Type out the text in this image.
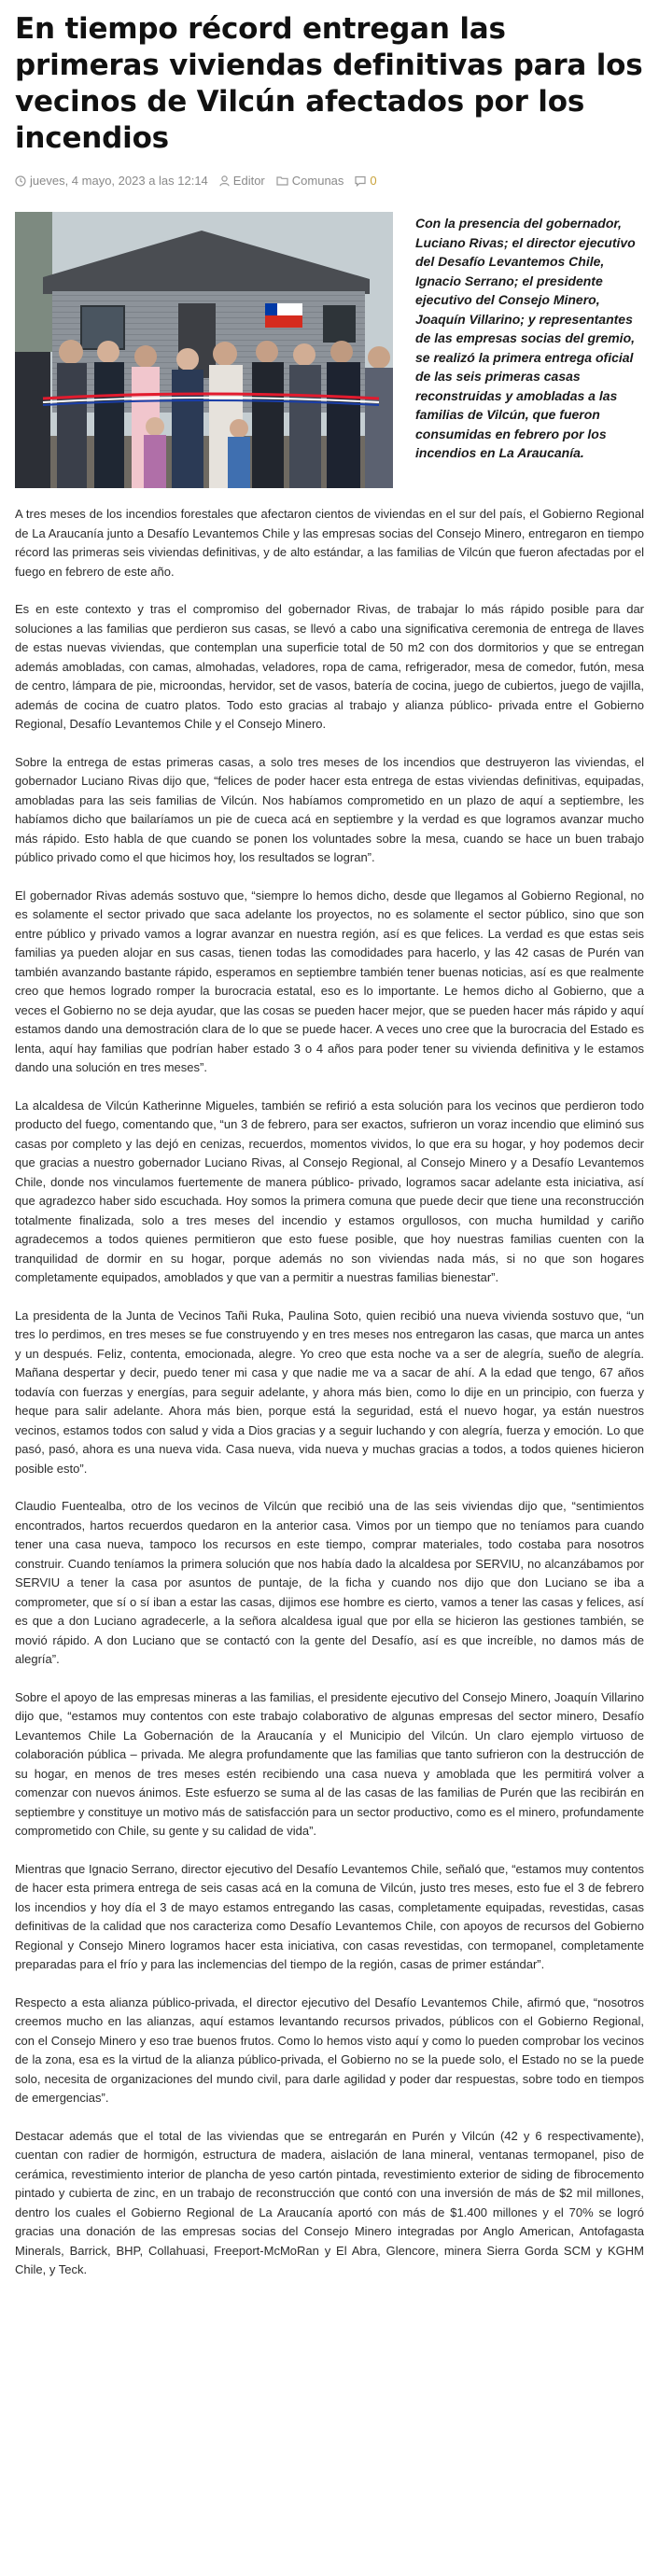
En tiempo récord entregan las primeras viviendas definitivas para los vecinos de Vilcún afectados por los incendios
jueves, 4 mayo, 2023 a las 12:14 Editor Comunas 0

Con la presencia del gobernador, Luciano Rivas; el director ejecutivo del Desafío Levantemos Chile, Ignacio Serrano; el presidente ejecutivo del Consejo Minero, Joaquín Villarino; y representantes de las empresas socias del gremio, se realizó la primera entrega oficial de las seis primeras casas reconstruidas y amobladas a las familias de Vilcún, que fueron consumidas en febrero por los incendios en La Araucanía.

A tres meses de los incendios forestales que afectaron cientos de viviendas en el sur del país, el Gobierno Regional de La Araucanía junto a Desafío Levantemos Chile y las empresas socias del Consejo Minero, entregaron en tiempo récord las primeras seis viviendas definitivas, y de alto estándar, a las familias de Vilcún que fueron afectadas por el fuego en febrero de este año.

Es en este contexto y tras el compromiso del gobernador Rivas, de trabajar lo más rápido posible para dar soluciones a las familias que perdieron sus casas, se llevó a cabo una significativa ceremonia de entrega de llaves de estas nuevas viviendas, que contemplan una superficie total de 50 m2 con dos dormitorios y que se entregan además amobladas, con camas, almohadas, veladores, ropa de cama, refrigerador, mesa de comedor, futón, mesa de centro, lámpara de pie, microondas, hervidor, set de vasos, batería de cocina, juego de cubiertos, juego de vajilla, además de cocina de cuatro platos. Todo esto gracias al trabajo y alianza público- privada entre el Gobierno Regional, Desafío Levantemos Chile y el Consejo Minero.

Sobre la entrega de estas primeras casas, a solo tres meses de los incendios que destruyeron las viviendas, el gobernador Luciano Rivas dijo que, “felices de poder hacer esta entrega de estas viviendas definitivas, equipadas, amobladas para las seis familias de Vilcún. Nos habíamos comprometido en un plazo de aquí a septiembre, les habíamos dicho que bailaríamos un pie de cueca acá en septiembre y la verdad es que logramos avanzar mucho más rápido. Esto habla de que cuando se ponen los voluntades sobre la mesa, cuando se hace un buen trabajo público privado como el que hicimos hoy, los resultados se logran”.

El gobernador Rivas además sostuvo que, “siempre lo hemos dicho, desde que llegamos al Gobierno Regional, no es solamente el sector privado que saca adelante los proyectos, no es solamente el sector público, sino que son entre público y privado vamos a lograr avanzar en nuestra región, así es que felices. La verdad es que estas seis familias ya pueden alojar en sus casas, tienen todas las comodidades para hacerlo, y las 42 casas de Purén van también avanzando bastante rápido, esperamos en septiembre también tener buenas noticias, así es que realmente creo que hemos logrado romper la burocracia estatal, eso es lo importante. Le hemos dicho al Gobierno, que a veces el Gobierno no se deja ayudar, que las cosas se pueden hacer mejor, que se pueden hacer más rápido y aquí estamos dando una demostración clara de lo que se puede hacer. A veces uno cree que la burocracia del Estado es lenta, aquí hay familias que podrían haber estado 3 o 4 años para poder tener su vivienda definitiva y le estamos dando una solución en tres meses”.

La alcaldesa de Vilcún Katherinne Migueles, también se refirió a esta solución para los vecinos que perdieron todo producto del fuego, comentando que, “un 3 de febrero, para ser exactos, sufrieron un voraz incendio que eliminó sus casas por completo y las dejó en cenizas, recuerdos, momentos vividos, lo que era su hogar, y hoy podemos decir que gracias a nuestro gobernador Luciano Rivas, al Consejo Regional, al Consejo Minero y a Desafío Levantemos Chile, donde nos vinculamos fuertemente de manera público- privado, logramos sacar adelante esta iniciativa, así que agradezco haber sido escuchada. Hoy somos la primera comuna que puede decir que tiene una reconstrucción totalmente finalizada, solo a tres meses del incendio y estamos orgullosos, con mucha humildad y cariño agradecemos a todos quienes permitieron que esto fuese posible, que hoy nuestras familias cuenten con la tranquilidad de dormir en su hogar, porque además no son viviendas nada más, si no que son hogares completamente equipados, amoblados y que van a permitir a nuestras familias bienestar”.

La presidenta de la Junta de Vecinos Tañi Ruka, Paulina Soto, quien recibió una nueva vivienda sostuvo que, “un tres lo perdimos, en tres meses se fue construyendo y en tres meses nos entregaron las casas, que marca un antes y un después. Feliz, contenta, emocionada, alegre. Yo creo que esta noche va a ser de alegría, sueño de alegría. Mañana despertar y decir, puedo tener mi casa y que nadie me va a sacar de ahí. A la edad que tengo, 67 años todavía con fuerzas y energías, para seguir adelante, y ahora más bien, como lo dije en un principio, con fuerza y heque para salir adelante. Ahora más bien, porque está la seguridad, está el nuevo hogar, ya están nuestros vecinos, estamos todos con salud y vida a Dios gracias y a seguir luchando y con alegría, fuerza y emoción. Lo que pasó, pasó, ahora es una nueva vida. Casa nueva, vida nueva y muchas gracias a todos, a todos quienes hicieron posible esto”.

Claudio Fuentealba, otro de los vecinos de Vilcún que recibió una de las seis viviendas dijo que, “sentimientos encontrados, hartos recuerdos quedaron en la anterior casa. Vimos por un tiempo que no teníamos para cuando tener una casa nueva, tampoco los recursos en este tiempo, comprar materiales, todo costaba para nosotros construir. Cuando teníamos la primera solución que nos había dado la alcaldesa por SERVIU, no alcanzábamos por SERVIU a tener la casa por asuntos de puntaje, de la ficha y cuando nos dijo que don Luciano se iba a comprometer, que sí o sí iban a estar las casas, dijimos ese hombre es cierto, vamos a tener las casas y felices, así es que a don Luciano agradecerle, a la señora alcaldesa igual que por ella se hicieron las gestiones también, se movió rápido. A don Luciano que se contactó con la gente del Desafío, así es que increíble, no damos más de alegría”.

Sobre el apoyo de las empresas mineras a las familias, el presidente ejecutivo del Consejo Minero, Joaquín Villarino dijo que, “estamos muy contentos con este trabajo colaborativo de algunas empresas del sector minero, Desafío Levantemos Chile La Gobernación de la Araucanía y el Municipio del Vilcún. Un claro ejemplo virtuoso de colaboración pública – privada. Me alegra profundamente que las familias que tanto sufrieron con la destrucción de su hogar, en menos de tres meses estén recibiendo una casa nueva y amoblada que les permitirá volver a comenzar con nuevos ánimos. Este esfuerzo se suma al de las casas de las familias de Purén que las recibirán en septiembre y constituye un motivo más de satisfacción para un sector productivo, como es el minero, profundamente comprometido con Chile, su gente y su calidad de vida”.

Mientras que Ignacio Serrano, director ejecutivo del Desafío Levantemos Chile, señaló que, “estamos muy contentos de hacer esta primera entrega de seis casas acá en la comuna de Vilcún, justo tres meses, esto fue el 3 de febrero los incendios y hoy día el 3 de mayo estamos entregando las casas, completamente equipadas, revestidas, casas definitivas de la calidad que nos caracteriza como Desafío Levantemos Chile, con apoyos de recursos del Gobierno Regional y Consejo Minero logramos hacer esta iniciativa, con casas revestidas, con termopanel, completamente preparadas para el frío y para las inclemencias del tiempo de la región, casas de primer estándar”.

Respecto a esta alianza público-privada, el director ejecutivo del Desafío Levantemos Chile, afirmó que, “nosotros creemos mucho en las alianzas, aquí estamos levantando recursos privados, públicos con el Gobierno Regional, con el Consejo Minero y eso trae buenos frutos. Como lo hemos visto aquí y como lo pueden comprobar los vecinos de la zona, esa es la virtud de la alianza público-privada, el Gobierno no se la puede solo, el Estado no se la puede solo, necesita de organizaciones del mundo civil, para darle agilidad y poder dar respuestas, sobre todo en tiempos de emergencias”.

Destacar además que el total de las viviendas que se entregarán en Purén y Vilcún (42 y 6 respectivamente), cuentan con radier de hormigón, estructura de madera, aislación de lana mineral, ventanas termopanel, piso de cerámica, revestimiento interior de plancha de yeso cartón pintada, revestimiento exterior de siding de fibrocemento pintado y cubierta de zinc, en un trabajo de reconstrucción que contó con una inversión de más de $2 mil millones, dentro los cuales el Gobierno Regional de La Araucanía aportó con más de $1.400 millones y el 70% se logró gracias una donación de las empresas socias del Consejo Minero integradas por Anglo American, Antofagasta Minerals, Barrick, BHP, Collahuasi, Freeport-McMoRan y El Abra, Glencore, minera Sierra Gorda SCM y KGHM Chile, y Teck.
